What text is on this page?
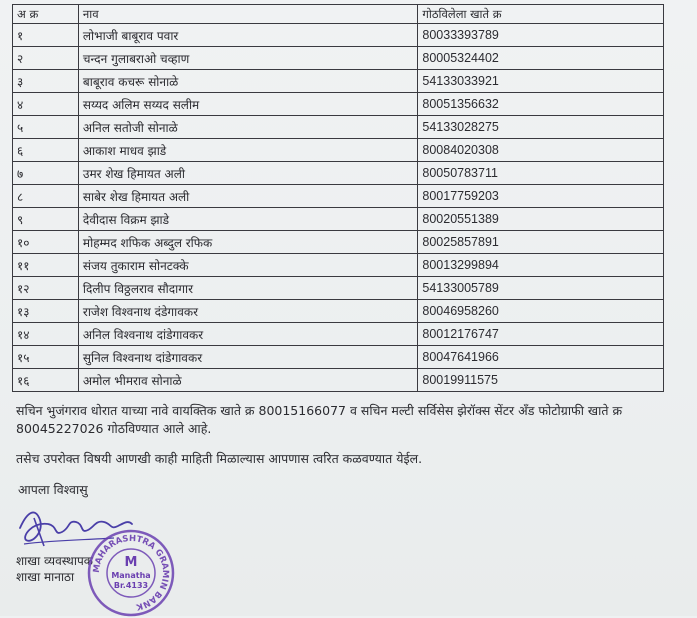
अ क्र	नाव	गोठविलेला खाते क्र
१	लोभाजी बाबूराव पवार	80033393789
२	चन्दन गुलाबराओ चव्हाण	80005324402
३	बाबूराव कचरू सोनाळे	54133033921
४	सय्यद अलिम सय्यद सलीम	80051356632
५	अनिल सतोजी सोनाळे	54133028275
६	आकाश माधव झाडे	80084020308
७	उमर शेख हिमायत अली	80050783711
८	साबेर शेख हिमायत अली	80017759203
९	देवीदास विक्रम झाडे	80020551389
१०	मोहम्मद शफिक अब्दुल रफिक	80025857891
११	संजय तुकाराम सोनटक्के	80013299894
१२	दिलीप विठ्ठलराव सौदागार	54133005789
१३	राजेश विश्वनाथ दंडेगावकर	80046958260
१४	अनिल विश्वनाथ दांडेगावकर	80012176747
१५	सुनिल विश्वनाथ दांडेगावकर	80047641966
१६	अमोल भीमराव सोनाळे	80019911575
सचिन भुजंगराव धोरात याच्या नावे वायक्तिक खाते क्र 80015166077 व सचिन मल्टी सर्विसेस झेरॉक्स सेंटर अँड फोटोग्राफी खाते क्र 80045227026 गोठविण्यात आले आहे.
तसेच उपरोक्त विषयी आणखी काही माहिती मिळाल्यास आपणास त्वरित कळवण्यात येईल.
आपला विश्वासु
शाखा व्यवस्थापक
शाखा मानाठा
MAHARASHTRA GRAMIN BANK
M
Manatha
Br.4133
